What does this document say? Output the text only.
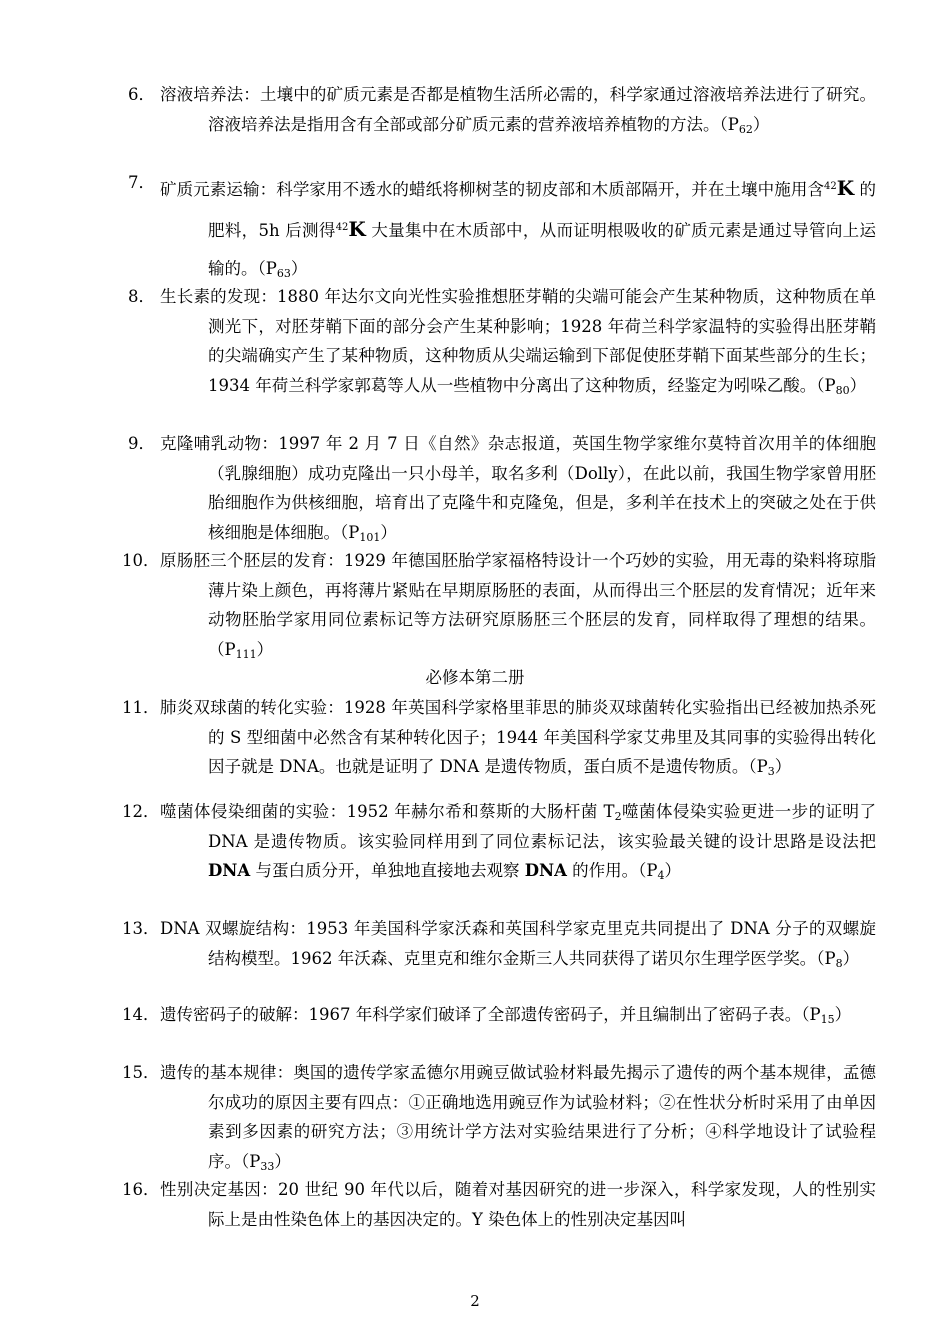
6． 溶液培养法：土壤中的矿质元素是否都是植物生活所必需的，科学家通过溶液培养法进行了研究。溶液培养法是指用含有全部或部分矿质元素的营养液培养植物的方法。$(P_{62})$
7． 矿质元素运输：科学家用不透水的蜡纸将柳树茎的韧皮部和木质部隔开，并在土壤中施用含$^{42}$K 的肥料，5h 后测得$^{42}$K 大量集中在木质部中，从而证明根吸收的矿质元素是通过导管向上运输的。$(P_{63})$
8． 生长素的发现：1880 年达尔文向光性实验推想胚芽鞘的尖端可能会产生某种物质，这种物质在单测光下，对胚芽鞘下面的部分会产生某种影响；1928 年荷兰科学家温特的实验得出胚芽鞘的尖端确实产生了某种物质，这种物质从尖端运输到下部促使胚芽鞘下面某些部分的生长；1934 年荷兰科学家郭葛等人从一些植物中分离出了这种物质，经鉴定为吲哚乙酸。$(P_{80})$
9． 克隆哺乳动物：1997 年 2 月 7 日《自然》杂志报道，英国生物学家维尔莫特首次用羊的体细胞（乳腺细胞）成功克隆出一只小母羊，取名多利（Dolly），在此以前，我国生物学家曾用胚胎细胞作为供核细胞，培育出了克隆牛和克隆兔，但是，多利羊在技术上的突破之处在于供核细胞是体细胞。$(P_{101})$
10． 原肠胚三个胚层的发育：1929 年德国胚胎学家福格特设计一个巧妙的实验，用无毒的染料将琼脂薄片染上颜色，再将薄片紧贴在早期原肠胚的表面，从而得出三个胚层的发育情况；近年来动物胚胎学家用同位素标记等方法研究原肠胚三个胚层的发育，同样取得了理想的结果。$(P_{111})$
必修本第二册
11． 肺炎双球菌的转化实验：1928 年英国科学家格里菲思的肺炎双球菌转化实验指出已经被加热杀死的 S 型细菌中必然含有某种转化因子；1944 年美国科学家艾弗里及其同事的实验得出转化因子就是 DNA。也就是证明了 DNA 是遗传物质，蛋白质不是遗传物质。$(P_3)$
12． 噬菌体侵染细菌的实验：1952 年赫尔希和蔡斯的大肠杆菌 $T_2$噬菌体侵染实验更进一步的证明了 DNA 是遗传物质。该实验同样用到了同位素标记法，该实验最关键的设计思路是设法把 DNA 与蛋白质分开，单独地直接地去观察 DNA 的作用。$(P_4)$
13． DNA 双螺旋结构：1953 年美国科学家沃森和英国科学家克里克共同提出了 DNA 分子的双螺旋结构模型。1962 年沃森、克里克和维尔金斯三人共同获得了诺贝尔生理学医学奖。$(P_8)$
14． 遗传密码子的破解：1967 年科学家们破译了全部遗传密码子，并且编制出了密码子表。$(P_{15})$
15． 遗传的基本规律：奥国的遗传学家孟德尔用豌豆做试验材料最先揭示了遗传的两个基本规律，孟德尔成功的原因主要有四点：①正确地选用豌豆作为试验材料；②在性状分析时采用了由单因素到多因素的研究方法；③用统计学方法对实验结果进行了分析；④科学地设计了试验程序。$(P_{33})$
16． 性别决定基因：20 世纪 90 年代以后，随着对基因研究的进一步深入，科学家发现，人的性别实际上是由性染色体上的基因决定的。Y 染色体上的性别决定基因叫
2
